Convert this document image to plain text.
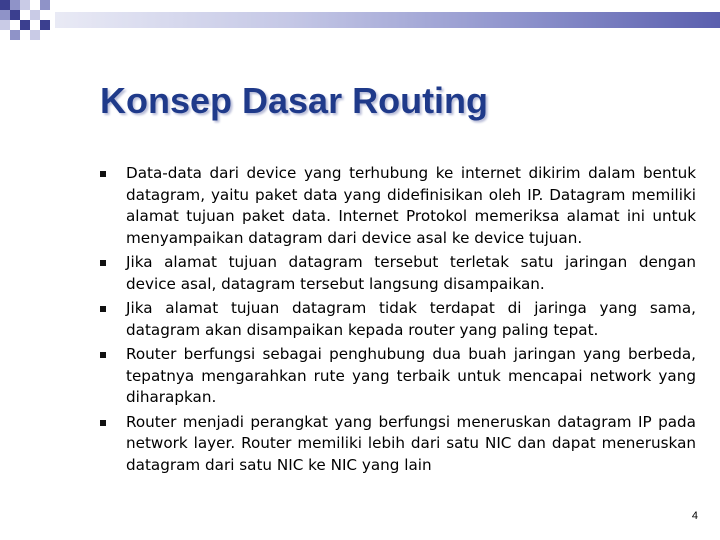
Konsep Dasar Routing
Data-data dari device yang terhubung ke internet dikirim dalam bentuk datagram, yaitu paket data yang didefinisikan oleh IP. Datagram memiliki alamat tujuan paket data. Internet Protokol memeriksa alamat ini untuk menyampaikan datagram dari device asal ke device tujuan.
Jika alamat tujuan datagram tersebut terletak satu jaringan dengan device asal, datagram tersebut langsung disampaikan.
Jika alamat tujuan datagram tidak terdapat di jaringa yang sama, datagram akan disampaikan kepada router yang paling tepat.
Router berfungsi sebagai penghubung dua buah jaringan yang berbeda, tepatnya mengarahkan rute yang terbaik untuk mencapai network yang diharapkan.
Router menjadi perangkat yang berfungsi meneruskan datagram IP pada network layer. Router memiliki lebih dari satu NIC dan dapat meneruskan datagram dari satu NIC ke NIC yang lain
4
